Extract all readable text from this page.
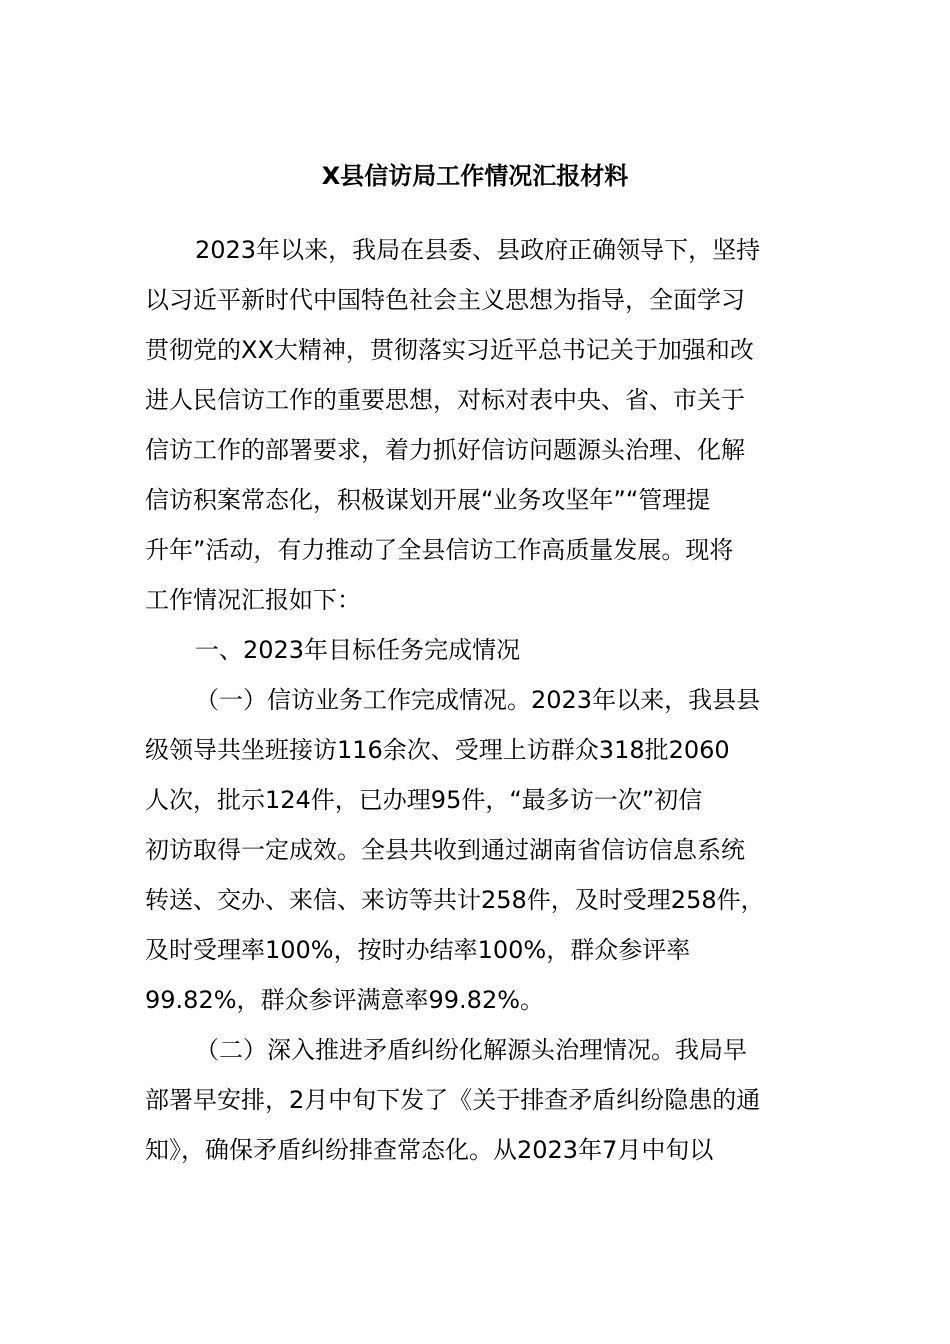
X县信访局工作情况汇报材料
2023年以来，我局在县委、县政府正确领导下，坚持
以习近平新时代中国特色社会主义思想为指导，全面学习
贯彻党的XX大精神，贯彻落实习近平总书记关于加强和改
进人民信访工作的重要思想，对标对表中央、省、市关于
信访工作的部署要求，着力抓好信访问题源头治理、化解
信访积案常态化，积极谋划开展“业务攻坚年”“管理提
升年”活动，有力推动了全县信访工作高质量发展。现将
工作情况汇报如下：
一、2023年目标任务完成情况
（一）信访业务工作完成情况。2023年以来，我县县
级领导共坐班接访116余次、受理上访群众318批2060
人次，批示124件，已办理95件，“最多访一次”初信
初访取得一定成效。全县共收到通过湖南省信访信息系统
转送、交办、来信、来访等共计258件，及时受理258件，
及时受理率100%，按时办结率100%，群众参评率
99.82%，群众参评满意率99.82%。
（二）深入推进矛盾纠纷化解源头治理情况。我局早
部署早安排，2月中旬下发了《关于排查矛盾纠纷隐患的通
知》，确保矛盾纠纷排查常态化。从2023年7月中旬以
